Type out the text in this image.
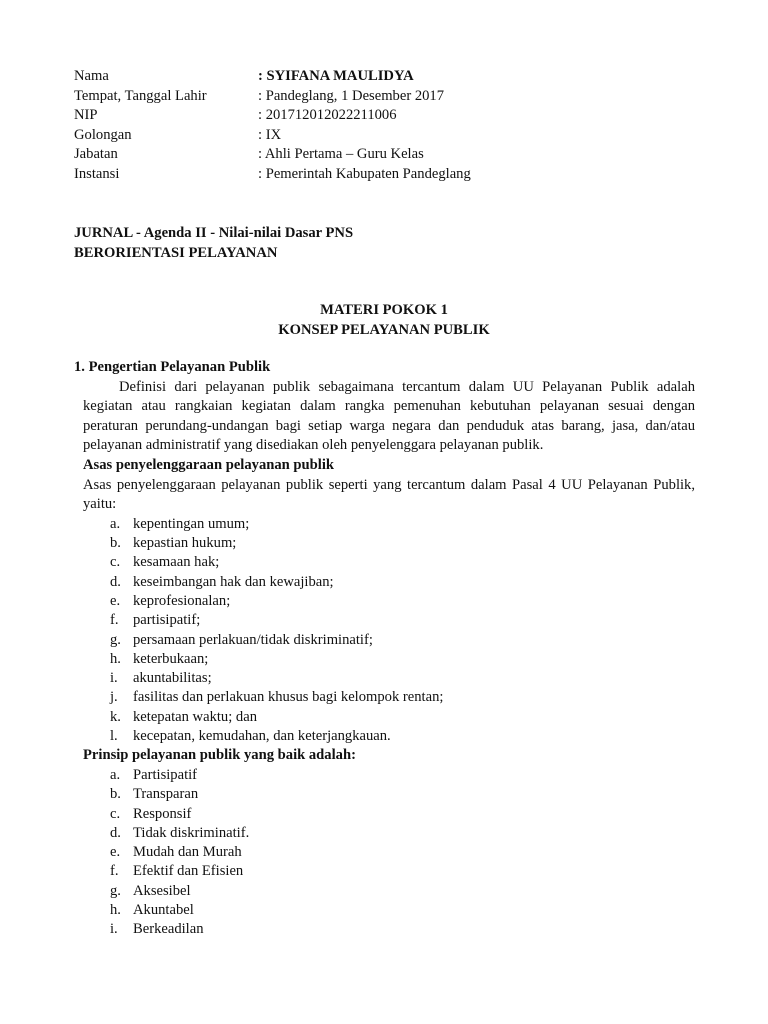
Nama	: SYIFANA MAULIDYA
Tempat, Tanggal Lahir	: Pandeglang, 1 Desember 2017
NIP	: 201712012022211006
Golongan	: IX
Jabatan	: Ahli Pertama – Guru Kelas
Instansi	: Pemerintah Kabupaten Pandeglang
JURNAL - Agenda II - Nilai-nilai Dasar PNS
BERORIENTASI PELAYANAN
MATERI POKOK 1
KONSEP PELAYANAN PUBLIK

1. Pengertian Pelayanan Publik

Definisi dari pelayanan publik sebagaimana tercantum dalam UU Pelayanan Publik adalah kegiatan atau rangkaian kegiatan dalam rangka pemenuhan kebutuhan pelayanan sesuai dengan peraturan perundang-undangan bagi setiap warga negara dan penduduk atas barang, jasa, dan/atau pelayanan administratif yang disediakan oleh penyelenggara pelayanan publik.

Asas penyelenggaraan pelayanan publik

Asas penyelenggaraan pelayanan publik seperti yang tercantum dalam Pasal 4 UU Pelayanan Publik, yaitu:

a. kepentingan umum;
b. kepastian hukum;
c. kesamaan hak;
d. keseimbangan hak dan kewajiban;
e. keprofesionalan;
f. partisipatif;
g. persamaan perlakuan/tidak diskriminatif;
h. keterbukaan;
i. akuntabilitas;
j. fasilitas dan perlakuan khusus bagi kelompok rentan;
k. ketepatan waktu; dan
l. kecepatan, kemudahan, dan keterjangkauan.

Prinsip pelayanan publik yang baik adalah:

a. Partisipatif
b. Transparan
c. Responsif
d. Tidak diskriminatif.
e. Mudah dan Murah
f. Efektif dan Efisien
g. Aksesibel
h. Akuntabel
i. Berkeadilan
